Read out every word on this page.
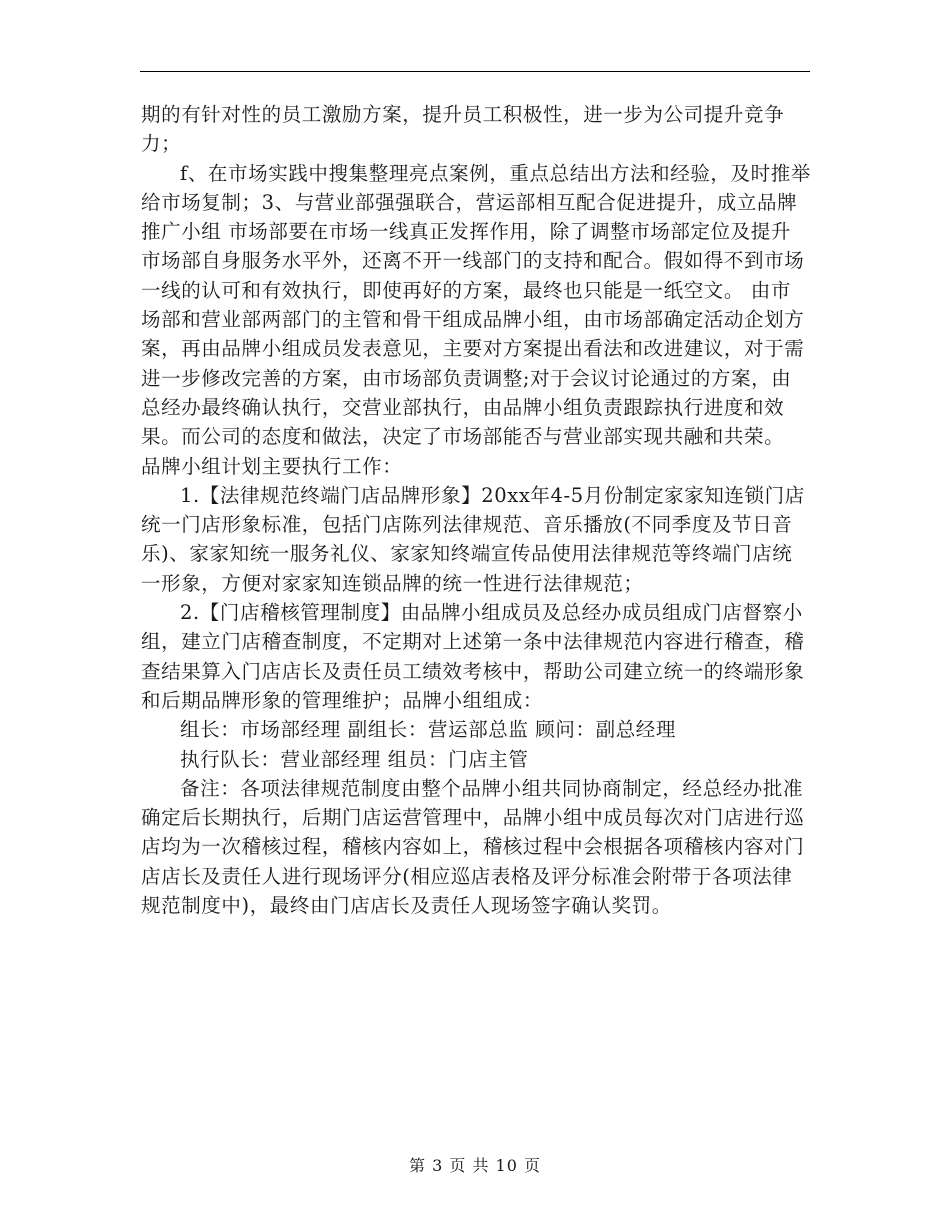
期的有针对性的员工激励方案，提升员工积极性，进一步为公司提升竞争力；

f、在市场实践中搜集整理亮点案例，重点总结出方法和经验，及时推举给市场复制；3、与营业部强强联合，营运部相互配合促进提升，成立品牌推广小组 市场部要在市场一线真正发挥作用，除了调整市场部定位及提升市场部自身服务水平外，还离不开一线部门的支持和配合。假如得不到市场一线的认可和有效执行，即使再好的方案，最终也只能是一纸空文。 由市场部和营业部两部门的主管和骨干组成品牌小组，由市场部确定活动企划方案，再由品牌小组成员发表意见，主要对方案提出看法和改进建议，对于需进一步修改完善的方案，由市场部负责调整;对于会议讨论通过的方案，由总经办最终确认执行，交营业部执行，由品牌小组负责跟踪执行进度和效果。而公司的态度和做法，决定了市场部能否与营业部实现共融和共荣。 品牌小组计划主要执行工作：

1.【法律规范终端门店品牌形象】20xx年4-5月份制定家家知连锁门店统一门店形象标准，包括门店陈列法律规范、音乐播放(不同季度及节日音乐)、家家知统一服务礼仪、家家知终端宣传品使用法律规范等终端门店统一形象，方便对家家知连锁品牌的统一性进行法律规范；

2.【门店稽核管理制度】由品牌小组成员及总经办成员组成门店督察小组，建立门店稽查制度，不定期对上述第一条中法律规范内容进行稽查，稽查结果算入门店店长及责任员工绩效考核中，帮助公司建立统一的终端形象和后期品牌形象的管理维护；品牌小组组成：

组长：市场部经理 副组长：营运部总监 顾问：副总经理

执行队长：营业部经理 组员：门店主管

备注：各项法律规范制度由整个品牌小组共同协商制定，经总经办批准确定后长期执行，后期门店运营管理中，品牌小组中成员每次对门店进行巡店均为一次稽核过程，稽核内容如上，稽核过程中会根据各项稽核内容对门店店长及责任人进行现场评分(相应巡店表格及评分标准会附带于各项法律规范制度中)，最终由门店店长及责任人现场签字确认奖罚。

第 3 页 共 10 页
